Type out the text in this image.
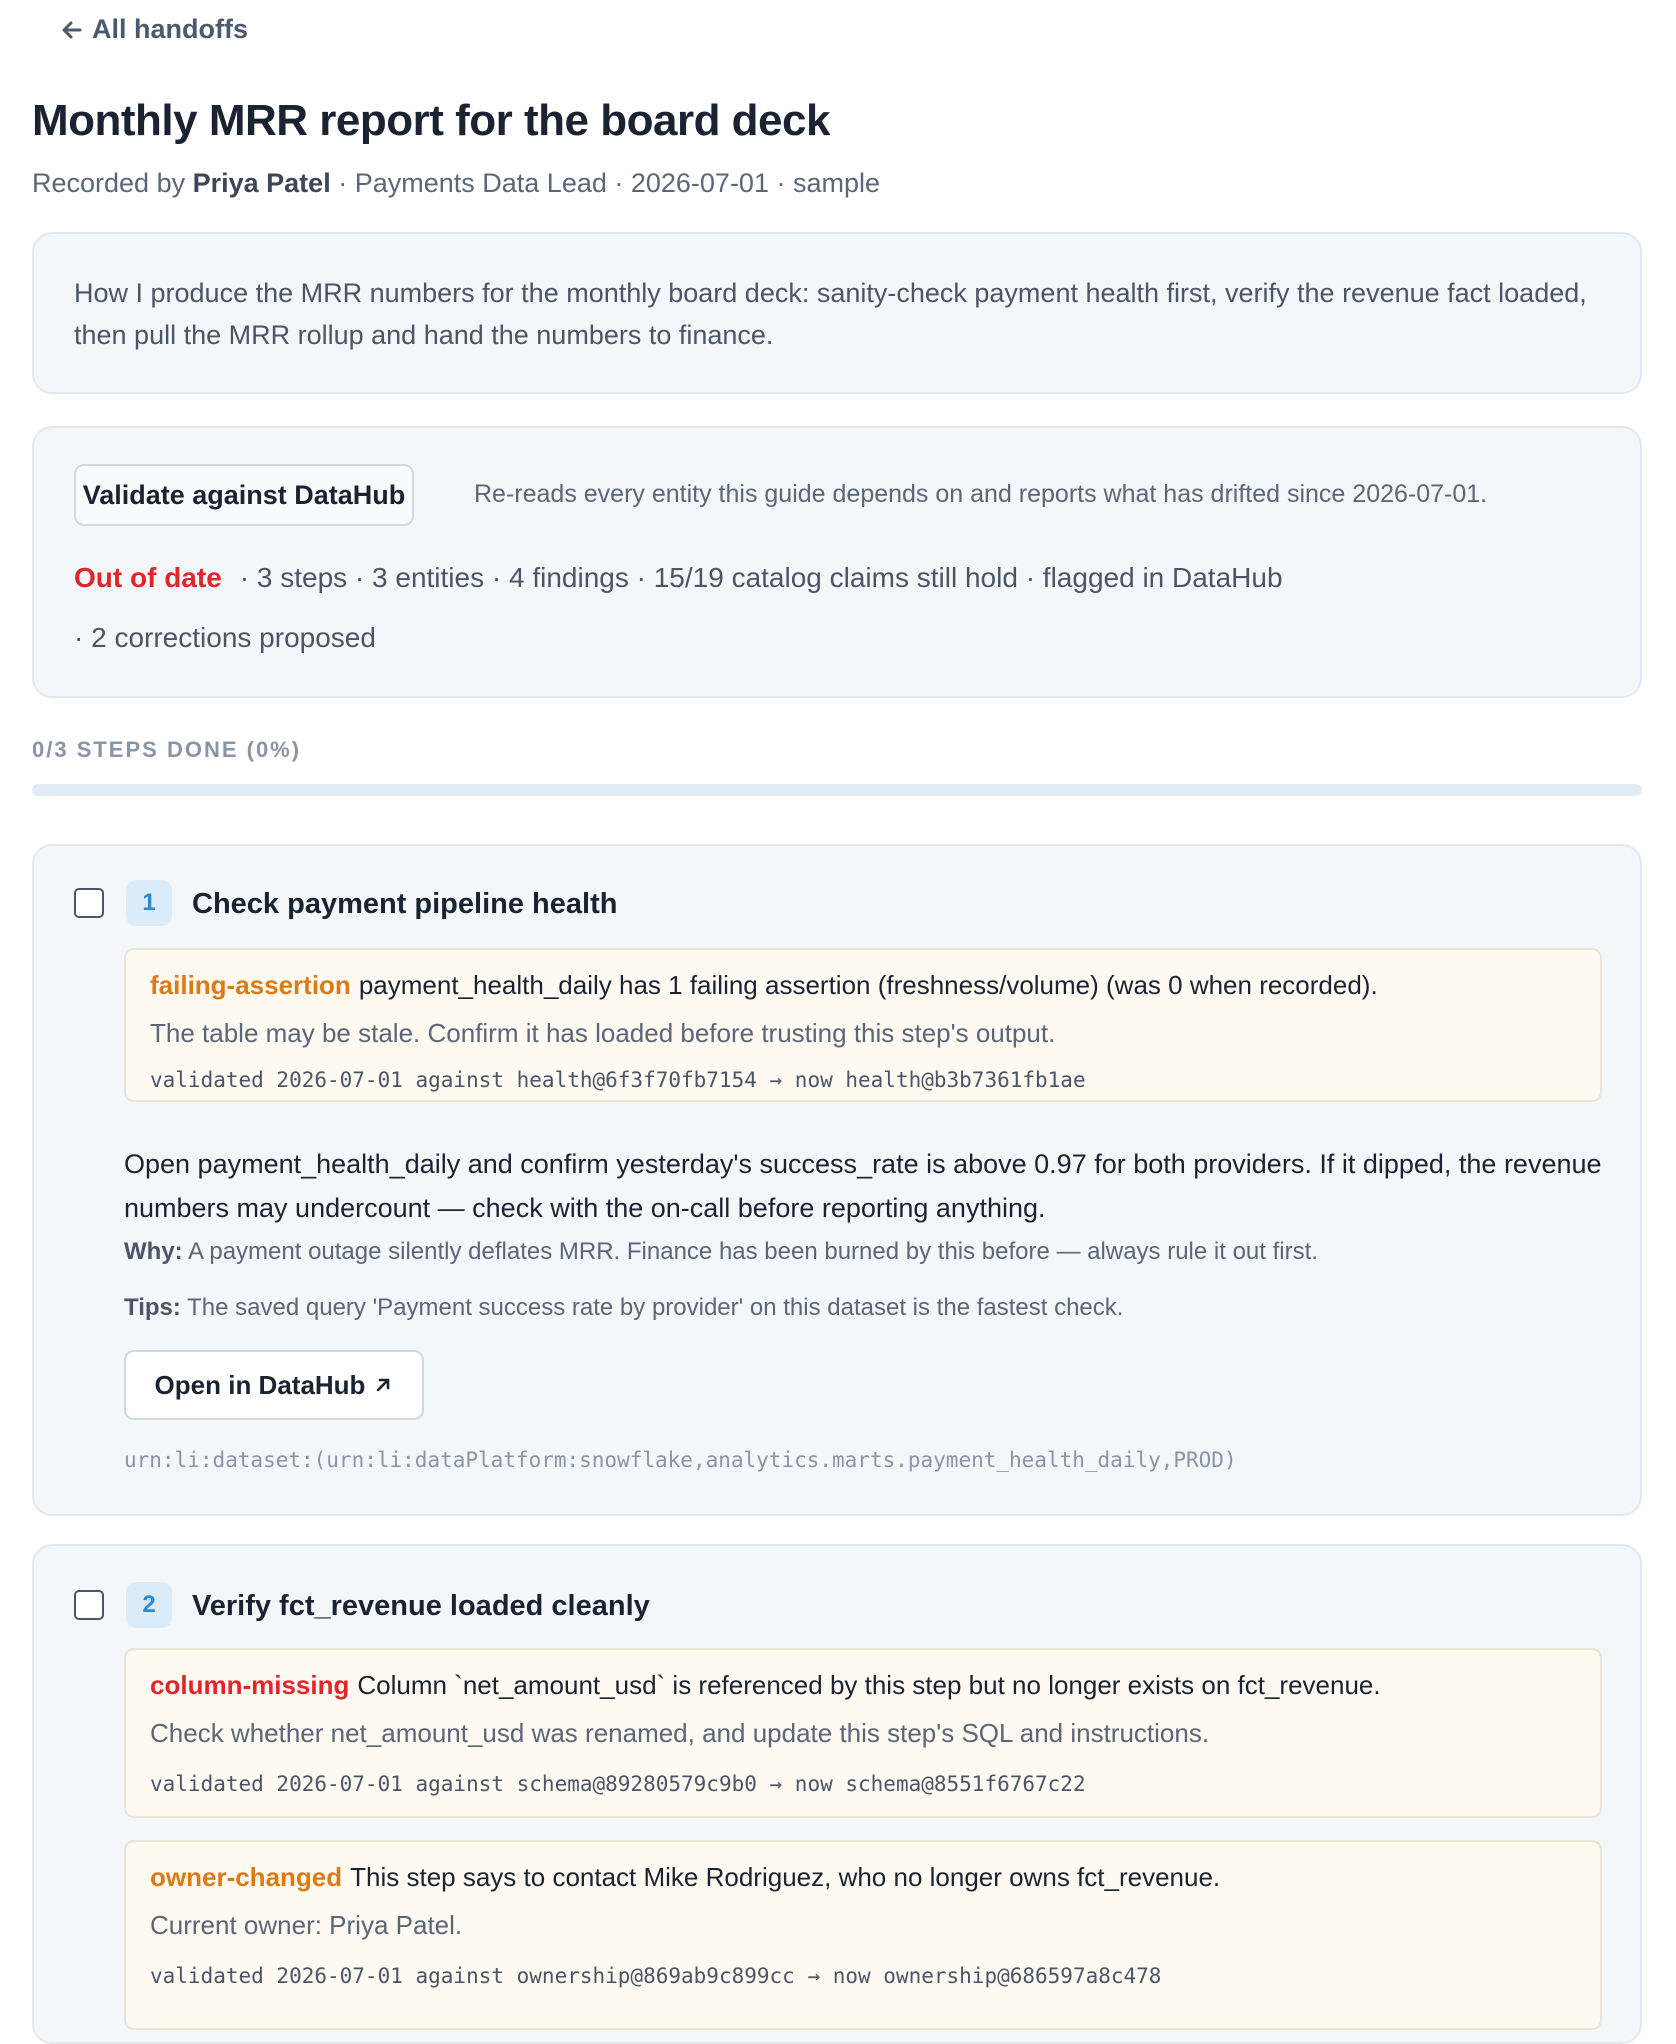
All handoffs
Monthly MRR report for the board deck
Recorded by Priya Patel · Payments Data Lead · 2026-07-01 · sample
How I produce the MRR numbers for the monthly board deck: sanity-check payment health first, verify the revenue fact loaded, then pull the MRR rollup and hand the numbers to finance.
Validate against DataHub	Re-reads every entity this guide depends on and reports what has drifted since 2026-07-01.
Out of date · 3 steps · 3 entities · 4 findings · 15/19 catalog claims still hold · flagged in DataHub
· 2 corrections proposed
0/3 STEPS DONE (0%)
1	Check payment pipeline health
failing-assertion payment_health_daily has 1 failing assertion (freshness/volume) (was 0 when recorded).
The table may be stale. Confirm it has loaded before trusting this step's output.
validated 2026-07-01 against health@6f3f70fb7154 → now health@b3b7361fb1ae
Open payment_health_daily and confirm yesterday's success_rate is above 0.97 for both providers. If it dipped, the revenue numbers may undercount — check with the on-call before reporting anything.
Why: A payment outage silently deflates MRR. Finance has been burned by this before — always rule it out first.
Tips: The saved query 'Payment success rate by provider' on this dataset is the fastest check.
Open in DataHub
urn:li:dataset:(urn:li:dataPlatform:snowflake,analytics.marts.payment_health_daily,PROD)
2	Verify fct_revenue loaded cleanly
column-missing Column `net_amount_usd` is referenced by this step but no longer exists on fct_revenue.
Check whether net_amount_usd was renamed, and update this step's SQL and instructions.
validated 2026-07-01 against schema@89280579c9b0 → now schema@8551f6767c22
owner-changed This step says to contact Mike Rodriguez, who no longer owns fct_revenue.
Current owner: Priya Patel.
validated 2026-07-01 against ownership@869ab9c899cc → now ownership@686597a8c478
